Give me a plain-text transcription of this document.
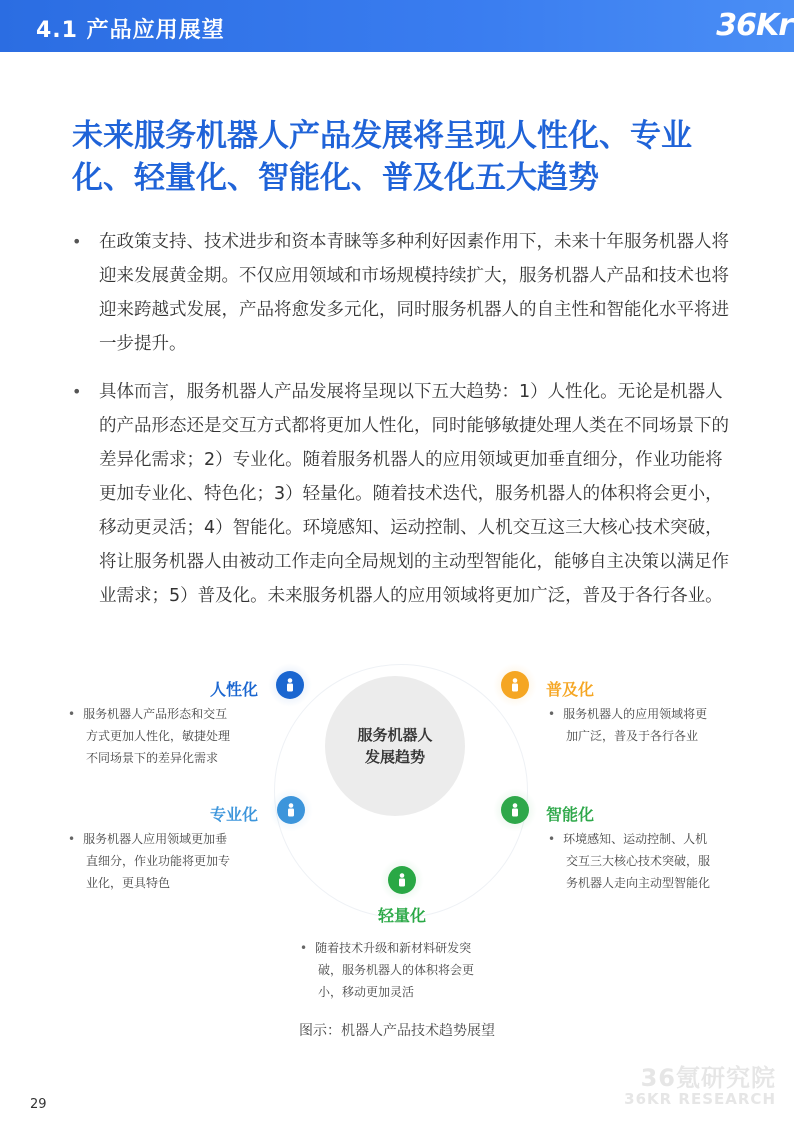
4.1 产品应用展望	36Kr
未来服务机器人产品发展将呈现人性化、专业化、轻量化、智能化、普及化五大趋势
• 在政策支持、技术进步和资本青睐等多种利好因素作用下，未来十年服务机器人将迎来发展黄金期。不仅应用领域和市场规模持续扩大，服务机器人产品和技术也将迎来跨越式发展，产品将愈发多元化，同时服务机器人的自主性和智能化水平将进一步提升。
• 具体而言，服务机器人产品发展将呈现以下五大趋势：1）人性化。无论是机器人的产品形态还是交互方式都将更加人性化，同时能够敏捷处理人类在不同场景下的差异化需求；2）专业化。随着服务机器人的应用领域更加垂直细分，作业功能将更加专业化、特色化；3）轻量化。随着技术迭代，服务机器人的体积将会更小，移动更灵活；4）智能化。环境感知、运动控制、人机交互这三大核心技术突破，将让服务机器人由被动工作走向全局规划的主动型智能化，能够自主决策以满足作业需求；5）普及化。未来服务机器人的应用领域将更加广泛，普及于各行各业。
服务机器人
发展趋势
人性化
• 服务机器人产品形态和交互
方式更加人性化，敏捷处理
不同场景下的差异化需求
专业化
• 服务机器人应用领域更加垂
直细分，作业功能将更加专
业化，更具特色
轻量化
• 随着技术升级和新材料研发突
破，服务机器人的体积将会更
小，移动更加灵活
智能化
• 环境感知、运动控制、人机
交互三大核心技术突破，服
务机器人走向主动型智能化
普及化
• 服务机器人的应用领域将更
加广泛，普及于各行各业
图示：机器人产品技术趋势展望
29
36氪研究院
36KR RESEARCH
